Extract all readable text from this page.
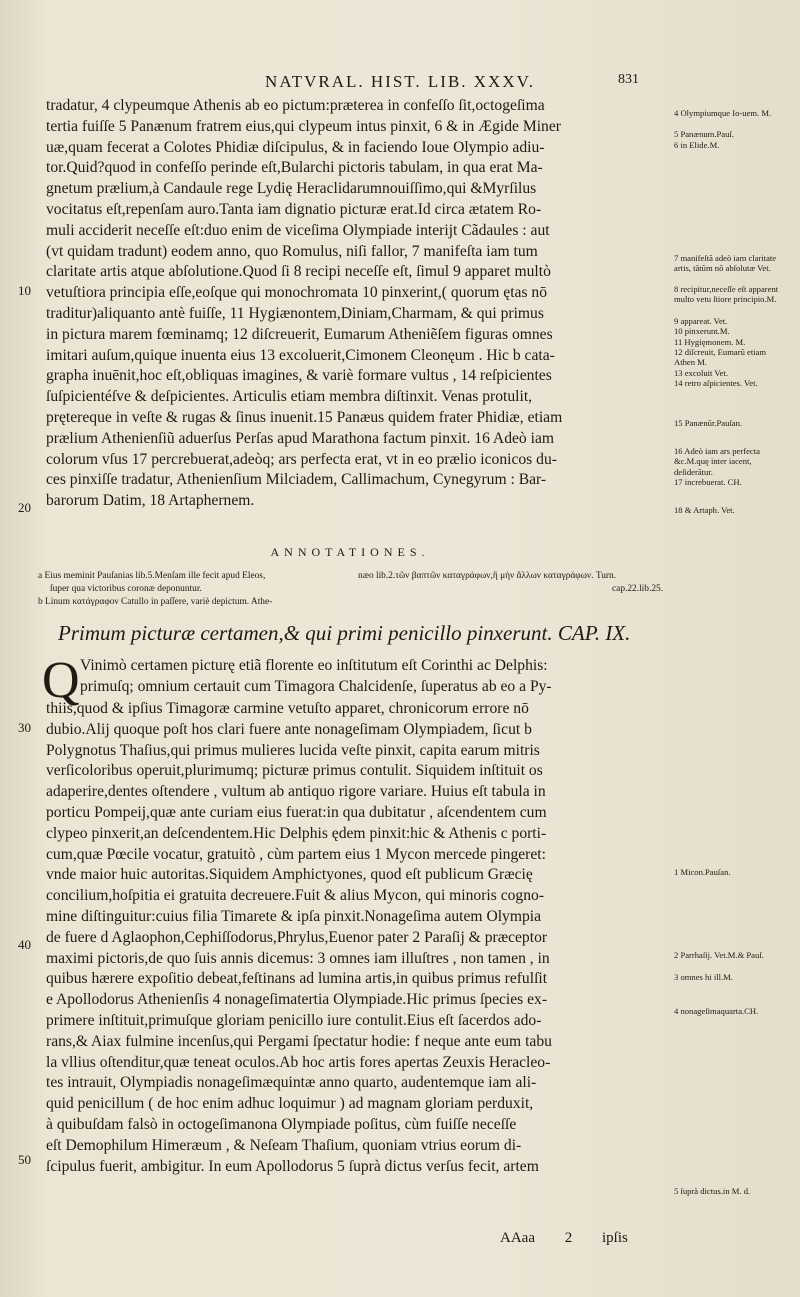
NATVRAL. HIST. LIB. XXXV.	831
tradatur, 4 clypeumque Athenis ab eo pictum:præterea in confeſſo ſit,octogeſima
tertia fuiſſe 5 Panænum fratrem eius,qui clypeum intus pinxit, 6 & in Ægide Miner
uæ,quam fecerat a Colotes Phidiæ diſcipulus, & in faciendo Ioue Olympio adiu-
tor.Quid?quod in confeſſo perinde eſt,Bularchi pictoris tabulam, in qua erat Ma-
gnetum prælium,à Candaule rege Lydię Heraclidarumnouiſſimo,qui &Myrſilus
vocitatus eſt,repenſam auro.Tanta iam dignatio picturæ erat.Id circa ætatem Ro-
muli acciderit neceſſe eſt:duo enim de viceſima Olympiade interijt Cãdaules : aut
(vt quidam tradunt) eodem anno, quo Romulus, niſi fallor, 7 manifeſta iam tum
claritate artis atque abſolutione.Quod ſi 8 recipi neceſſe eſt, ſimul 9 apparet multò
vetuſtiora principia eſſe,eoſque qui monochromata 10 pinxerint,( quorum ętas nō
traditur)aliquanto antè fuiſſe, 11 Hygiænontem,Diniam,Charmam, & qui primus
in pictura marem fœminamq; 12 diſcreuerit, Eumarum Atheniẽſem figuras omnes
imitari auſum,quique inuenta eius 13 excoluerit,Cimonem Cleonęum . Hic b cata-
grapha inuēnit,hoc eſt,obliquas imagines, & variè formare vultus , 14 reſpicientes
ſuſpicientéſve & deſpicientes. Articulis etiam membra diſtinxit. Venas protulit,
prętereque in veſte & rugas & ſinus inuenit.15 Panæus quidem frater Phidiæ, etiam
prælium Athenienſiũ aduerſus Perſas apud Marathona factum pinxit. 16 Adeò iam
colorum vſus 17 percrebuerat,adeòq; ars perfecta erat, vt in eo prælio iconicos du-
ces pinxiſſe tradatur, Athenienſium Milciadem, Callimachum, Cynegyrum : Bar-
barorum Datim, 18 Artaphernem.
10
20
4 Olympiumque Io-uem. M.
5 Panænum.Pauſ.
6 in Elide.M.
7 manifeſtã adeò iam claritate artis, tãtũm nō abſolutæ Vet.
8 recipitur,neceſſe eſt apparent multo vetu ſtiore principio.M.
9 appareat. Vet.
10 pinxerunt.M.
11 Hygięmonem. M.
12 diſcreuit, Eumarũ etiam Athen M.
13 excoluit Vet.
14 retro aſpicientes. Vet.
15 Panænũr.Pauſan.
16 Adeò iam ars perfecta &c.M.quę inter iacent, deſiderãtur.
17 increbuerat. CH.
18 & Artaph. Vet.
ANNOTATIONES.
a Eius meminit Pauſanias lib.5.Menſam ille fecit apud Eleos,
ſuper qua victoribus coronæ deponuntur.
b Linum κατάγραφον Catullo in paſſere, variè depictum. Athe-
næo lib.2.τῶν βαπτῶν καταγράφων,ἢ μὴν ἄλλων καταγράφων. Turn.
cap.22.lib.25.
Primum picturæ certamen,& qui primi penicillo pinxerunt. CAP. IX.
Q Vinimò certamen picturę etiã florente eo inſtitutum eſt Corinthi ac Delphis:
primuſq; omnium certauit cum Timagora Chalcidenſe, ſuperatus ab eo a Py-
thiis,quod & ipſius Timagoræ carmine vetuſto apparet, chronicorum errore nō
dubio.Alij quoque poſt hos clari fuere ante nonageſimam Olympiadem, ſicut b
Polygnotus Thaſius,qui primus mulieres lucida veſte pinxit, capita earum mitris
verſicoloribus operuit,plurimumq; picturæ primus contulit. Siquidem inſtituit os
adaperire,dentes oſtendere , vultum ab antiquo rigore variare. Huius eſt tabula in
porticu Pompeij,quæ ante curiam eius fuerat:in qua dubitatur , aſcendentem cum
clypeo pinxerit,an deſcendentem.Hic Delphis ędem pinxit:hic & Athenis c porti-
cum,quæ Pœcile vocatur, gratuitò , cùm partem eius 1 Mycon mercede pingeret:
vnde maior huic autoritas.Siquidem Amphictyones, quod eſt publicum Græcię
concilium,hoſpitia ei gratuita decreuere.Fuit & alius Mycon, qui minoris cogno-
mine diſtinguitur:cuius filia Timarete & ipſa pinxit.Nonageſima autem Olympia
de fuere d Aglaophon,Cephiſſodorus,Phrylus,Euenor pater 2 Paraſij & præceptor
maximi pictoris,de quo ſuis annis dicemus: 3 omnes iam illuſtres , non tamen , in
quibus hærere expoſitio debeat,feſtinans ad lumina artis,in quibus primus refulſit
e Apollodorus Athenienſis 4 nonageſimatertia Olympiade.Hic primus ſpecies ex-
primere inſtituit,primuſque gloriam penicillo iure contulit.Eius eſt ſacerdos ado-
rans,& Aiax fulmine incenſus,qui Pergami ſpectatur hodie: f neque ante eum tabu
la vllius oſtenditur,quæ teneat oculos.Ab hoc artis fores apertas Zeuxis Heracleo-
tes intrauit, Olympiadis nonageſimæquintæ anno quarto, audentemque iam ali-
quid penicillum ( de hoc enim adhuc loquimur ) ad magnam gloriam perduxit,
à quibuſdam falsò in octogeſimanona Olympiade poſitus, cùm fuiſſe neceſſe
eſt Demophilum Himeræum , & Neſeam Thaſium, quoniam vtrius eorum di-
ſcipulus fuerit, ambigitur. In eum Apollodorus 5 ſuprà dictus verſus fecit, artem
30
40
50
1 Micon.Pauſan.
2 Parrhaſij. Vet.M.& Pauſ.
3 omnes hi ill.M.
4 nonageſimaquarta.CH.
5 ſuprà dictus.in M. d.
AAaa 2 ipſis
